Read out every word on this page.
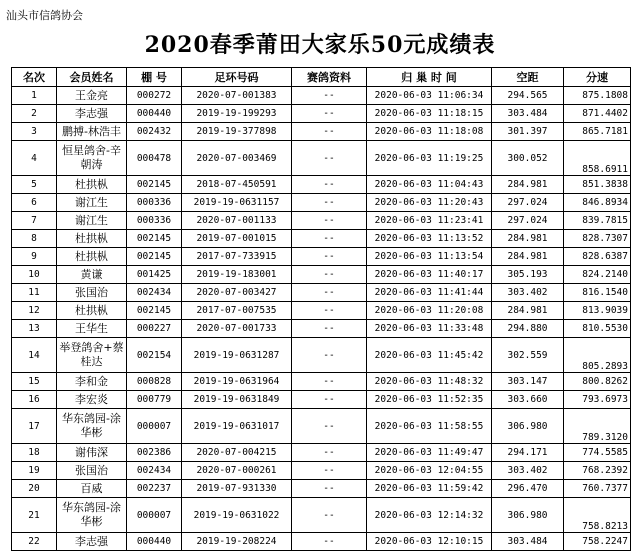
汕头市信鸽协会
2020春季莆田大家乐50元成绩表
名次	会员姓名	棚 号	足环号码	赛鸽资料	归 巢 时 间	空距	分速
1	王金亮	000272	2020-07-001383	--	2020-06-03 11:06:34	294.565	875.1808
2	李志强	000440	2019-19-199293	--	2020-06-03 11:18:15	303.484	871.4402
3	鹏搏-林浩丰	002432	2019-19-377898	--	2020-06-03 11:18:08	301.397	865.7181
4	恒星鸽舍-辛朝涛	000478	2020-07-003469	--	2020-06-03 11:19:25	300.052	858.6911
5	杜拱枞	002145	2018-07-450591	--	2020-06-03 11:04:43	284.981	851.3838
6	谢江生	000336	2019-19-0631157	--	2020-06-03 11:20:43	297.024	846.8934
7	谢江生	000336	2020-07-001133	--	2020-06-03 11:23:41	297.024	839.7815
8	杜拱枞	002145	2019-07-001015	--	2020-06-03 11:13:52	284.981	828.7307
9	杜拱枞	002145	2017-07-733915	--	2020-06-03 11:13:54	284.981	828.6387
10	黄谦	001425	2019-19-183001	--	2020-06-03 11:40:17	305.193	824.2140
11	张国治	002434	2020-07-003427	--	2020-06-03 11:41:44	303.402	816.1540
12	杜拱枞	002145	2017-07-007535	--	2020-06-03 11:20:08	284.981	813.9039
13	王华生	000227	2020-07-001733	--	2020-06-03 11:33:48	294.880	810.5530
14	举登鸽舍+蔡桂达	002154	2019-19-0631287	--	2020-06-03 11:45:42	302.559	805.2893
15	李和金	000828	2019-19-0631964	--	2020-06-03 11:48:32	303.147	800.8262
16	李宏炎	000779	2019-19-0631849	--	2020-06-03 11:52:35	303.660	793.6973
17	华东鸽园-涂华彬	000007	2019-19-0631017	--	2020-06-03 11:58:55	306.980	789.3120
18	谢伟深	002386	2020-07-004215	--	2020-06-03 11:49:47	294.171	774.5585
19	张国治	002434	2020-07-000261	--	2020-06-03 12:04:55	303.402	768.2392
20	百威	002237	2019-07-931330	--	2020-06-03 11:59:42	296.470	760.7377
21	华东鸽园-涂华彬	000007	2019-19-0631022	--	2020-06-03 12:14:32	306.980	758.8213
22	李志强	000440	2019-19-208224	--	2020-06-03 12:10:15	303.484	758.2247
